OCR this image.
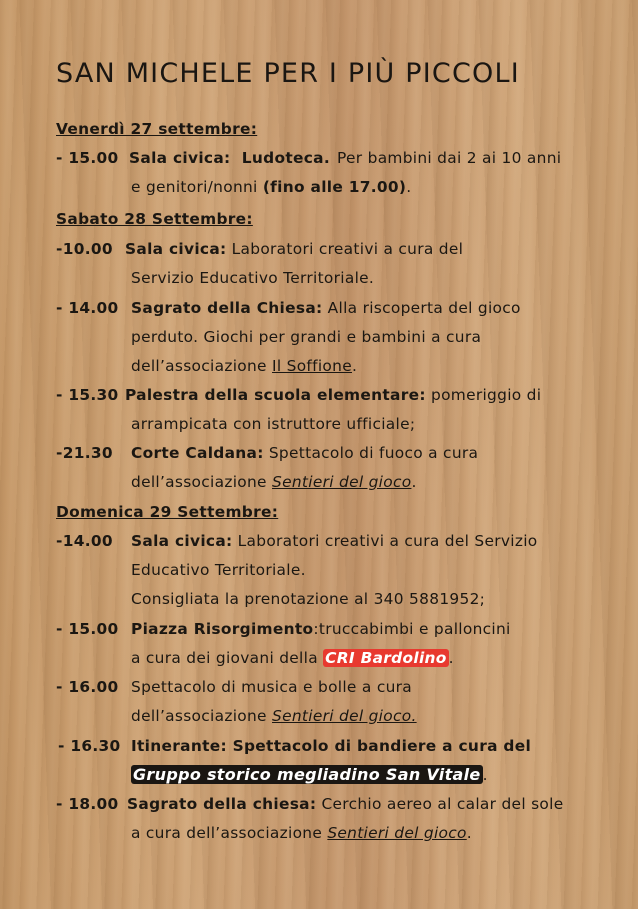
SAN MICHELE PER I PIÙ PICCOLI
Venerdì 27 settembre:
- 15.00 Sala civica: Ludoteca. Per bambini dai 2 ai 10 anni
e genitori/nonni (fino alle 17.00).
Sabato 28 Settembre:
-10.00 Sala civica: Laboratori creativi a cura del
Servizio Educativo Territoriale.
- 14.00 Sagrato della Chiesa: Alla riscoperta del gioco
perduto. Giochi per grandi e bambini a cura
dell’associazione Il Soffione.
- 15.30 Palestra della scuola elementare: pomeriggio di
arrampicata con istruttore ufficiale;
-21.30 Corte Caldana: Spettacolo di fuoco a cura
dell’associazione Sentieri del gioco.
Domenica 29 Settembre:
-14.00 Sala civica: Laboratori creativi a cura del Servizio
Educativo Territoriale.
Consigliata la prenotazione al 340 5881952;
- 15.00 Piazza Risorgimento:truccabimbi e palloncini
a cura dei giovani della CRI Bardolino .
- 16.00 Spettacolo di musica e bolle a cura
dell’associazione Sentieri del gioco.
- 16.30 Itinerante: Spettacolo di bandiere a cura del
Gruppo storico megliadino San Vitale .
- 18.00 Sagrato della chiesa: Cerchio aereo al calar del sole
a cura dell’associazione Sentieri del gioco.
